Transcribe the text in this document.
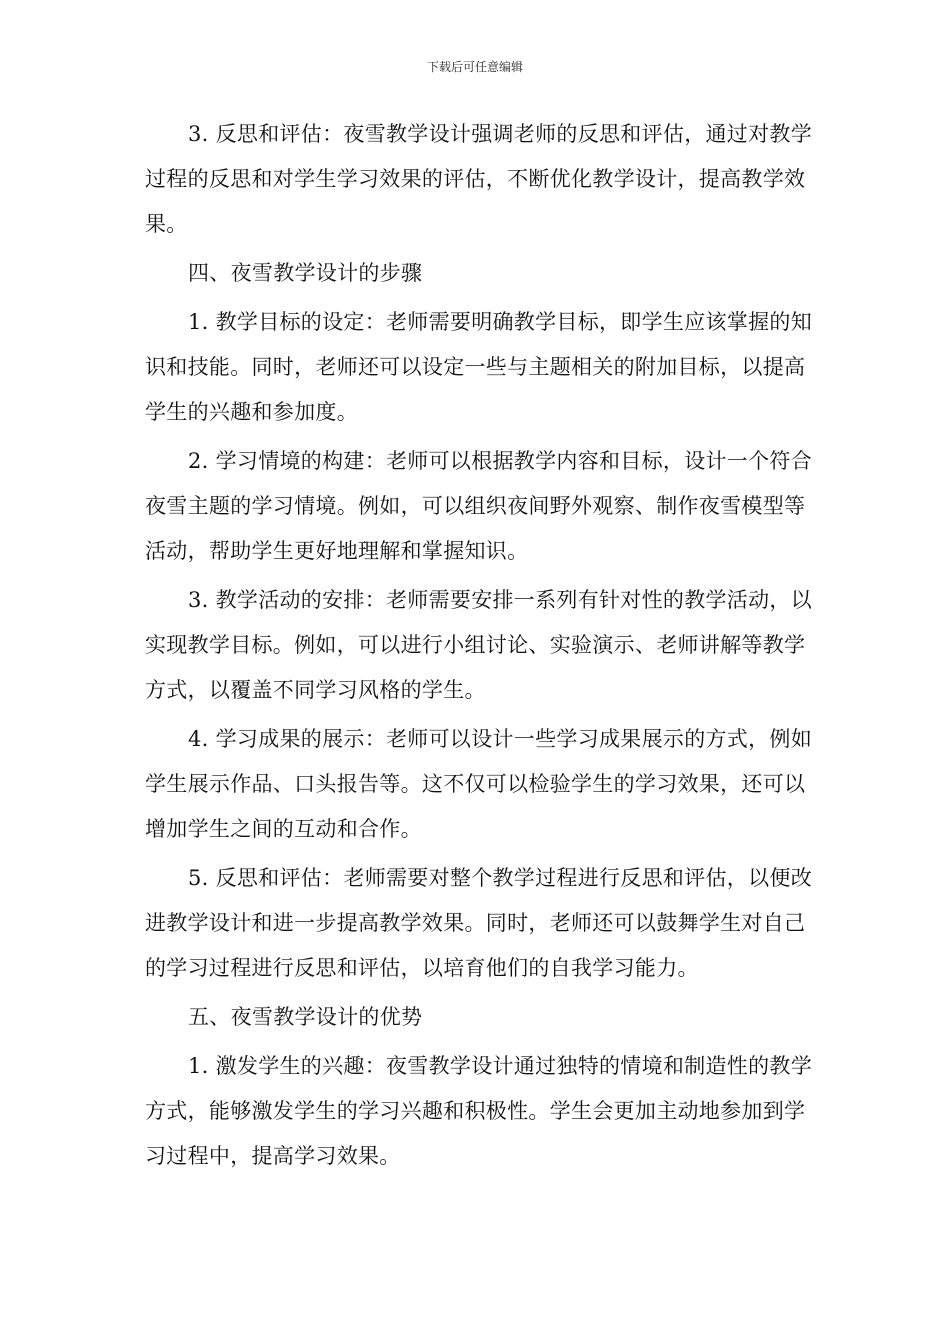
下载后可任意编辑

3. 反思和评估：夜雪教学设计强调老师的反思和评估，通过对教学过程的反思和对学生学习效果的评估，不断优化教学设计，提高教学效果。

四、夜雪教学设计的步骤

1. 教学目标的设定：老师需要明确教学目标，即学生应该掌握的知识和技能。同时，老师还可以设定一些与主题相关的附加目标，以提高学生的兴趣和参加度。

2. 学习情境的构建：老师可以根据教学内容和目标，设计一个符合夜雪主题的学习情境。例如，可以组织夜间野外观察、制作夜雪模型等活动，帮助学生更好地理解和掌握知识。

3. 教学活动的安排：老师需要安排一系列有针对性的教学活动，以实现教学目标。例如，可以进行小组讨论、实验演示、老师讲解等教学方式，以覆盖不同学习风格的学生。

4. 学习成果的展示：老师可以设计一些学习成果展示的方式，例如学生展示作品、口头报告等。这不仅可以检验学生的学习效果，还可以增加学生之间的互动和合作。

5. 反思和评估：老师需要对整个教学过程进行反思和评估，以便改进教学设计和进一步提高教学效果。同时，老师还可以鼓舞学生对自己的学习过程进行反思和评估，以培育他们的自我学习能力。

五、夜雪教学设计的优势

1. 激发学生的兴趣：夜雪教学设计通过独特的情境和制造性的教学方式，能够激发学生的学习兴趣和积极性。学生会更加主动地参加到学习过程中，提高学习效果。
